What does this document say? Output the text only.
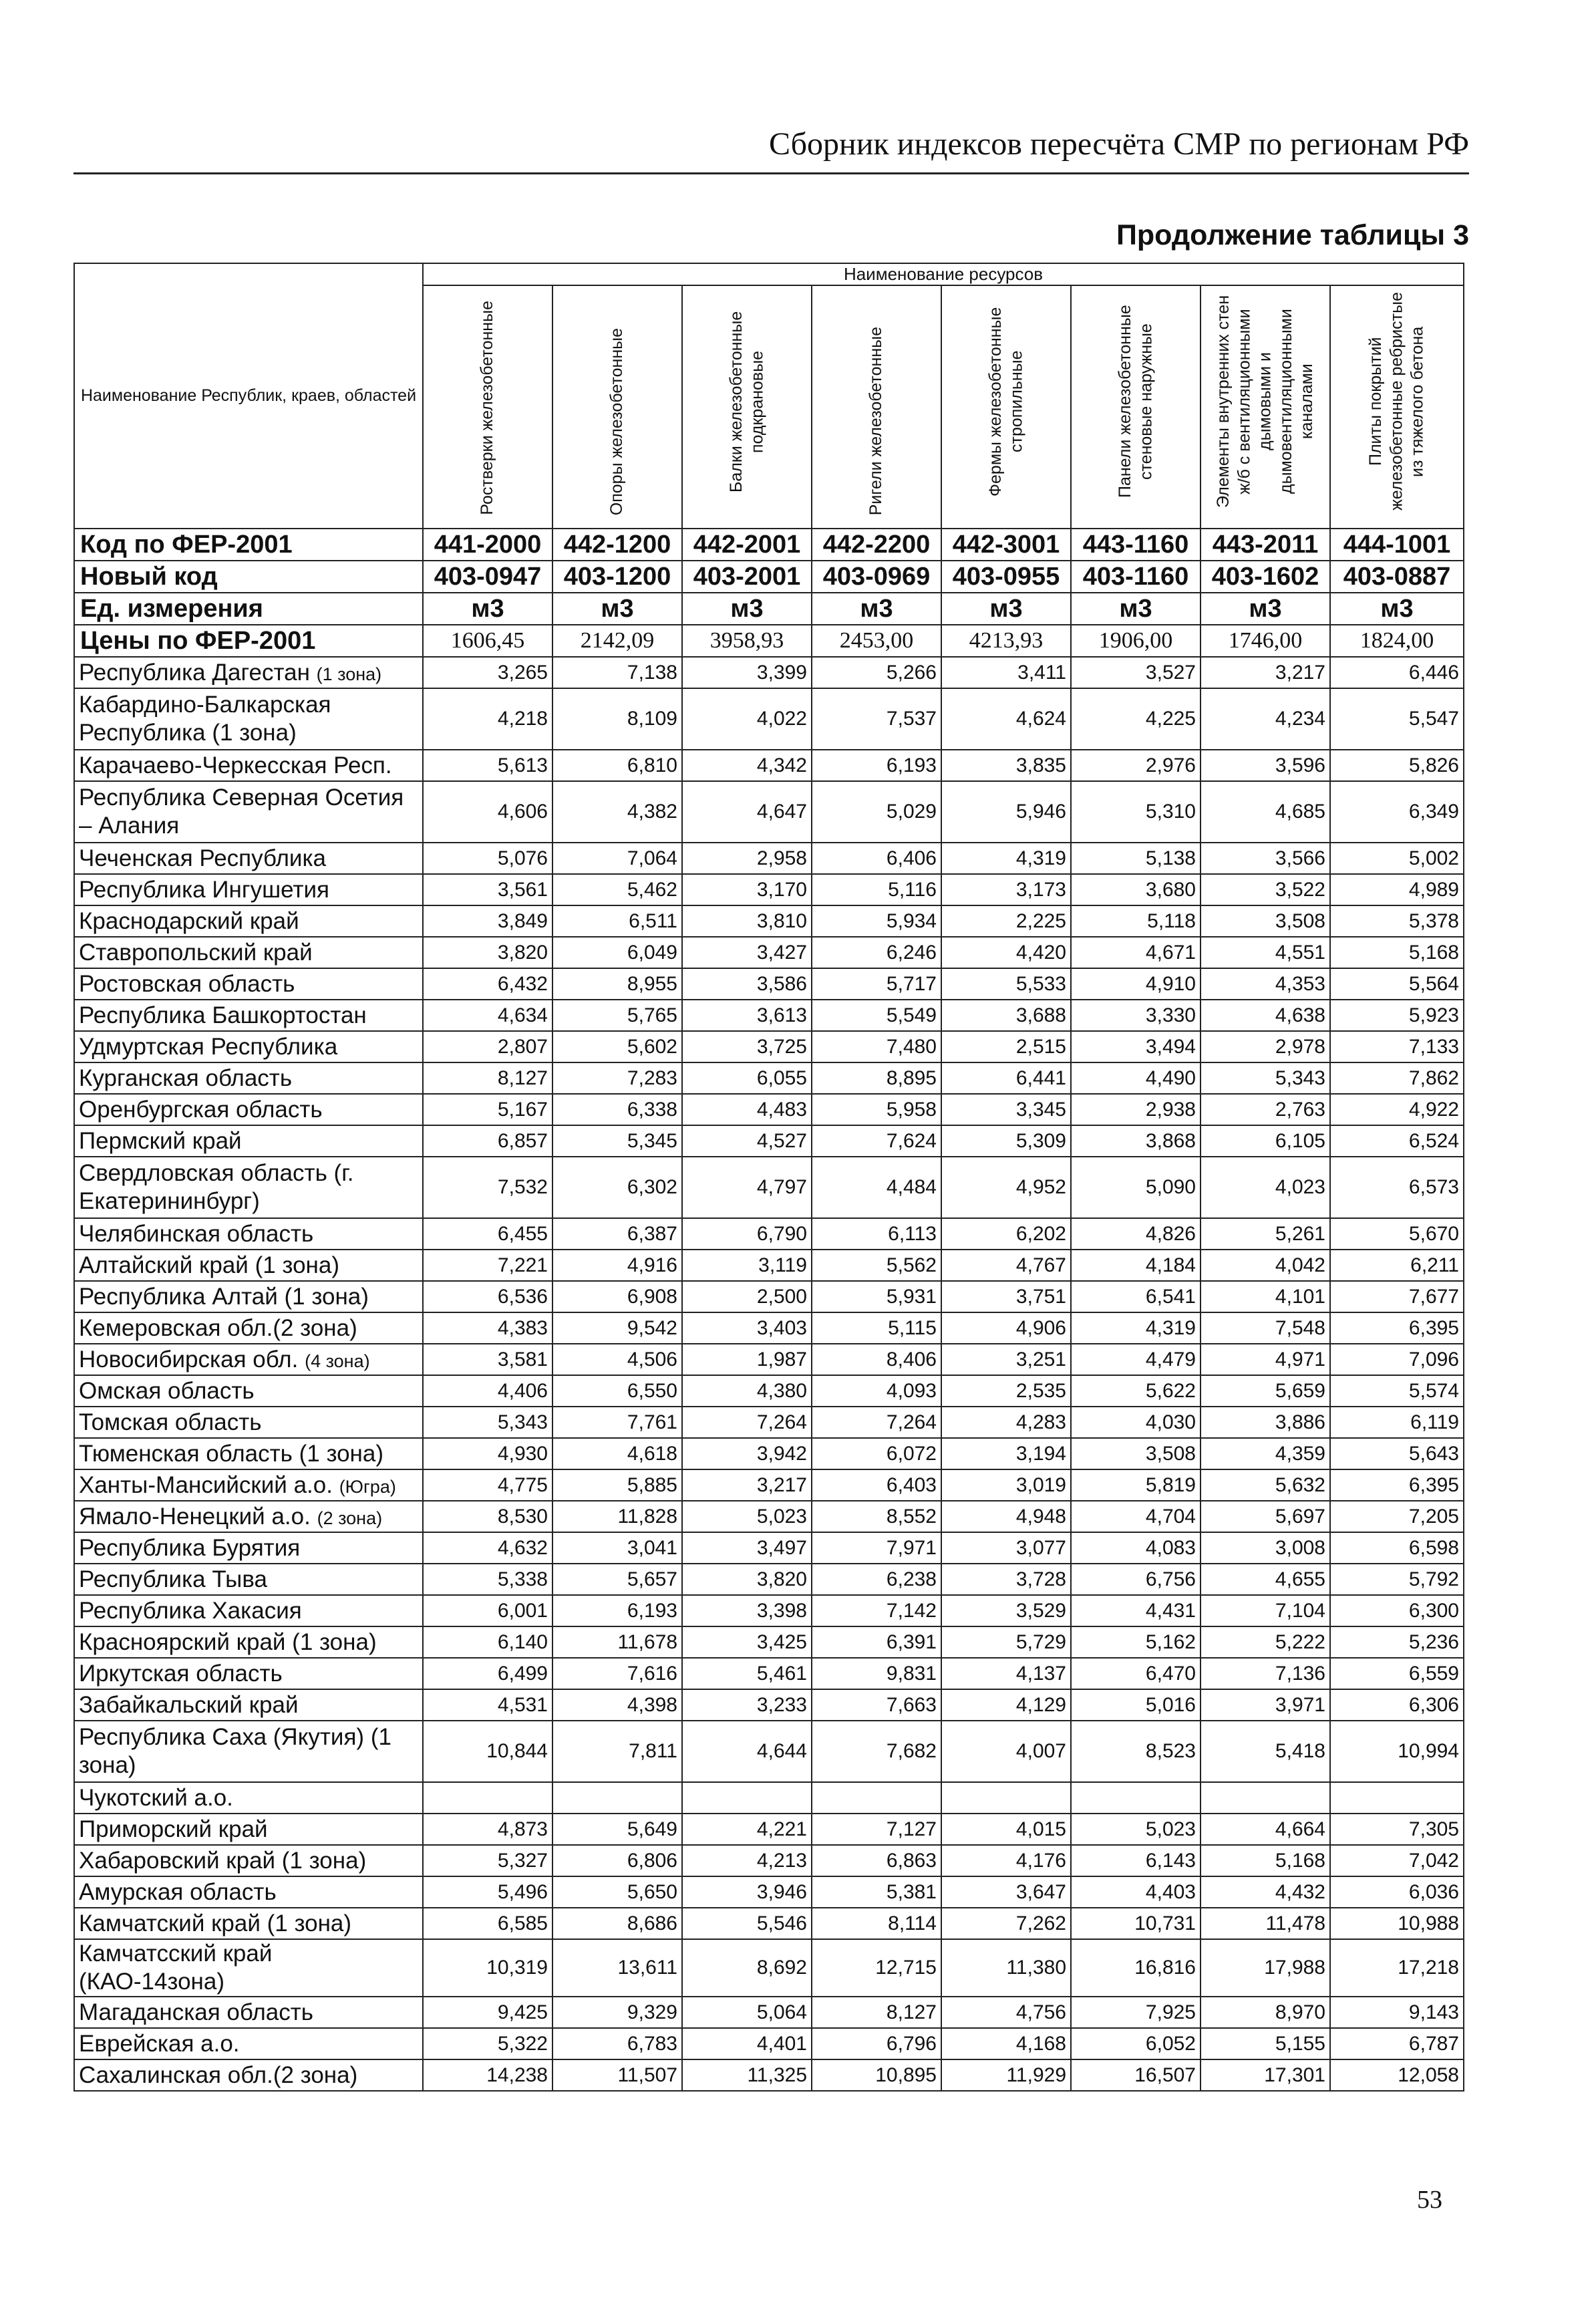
Сборник индексов пересчёта СМР по регионам РФ
Продолжение таблицы 3
Наименование Республик, краев, областей	Наименование ресурсов							
	Ростверки железобетонные	Опоры железобетонные	Балки железобетонные подкрановые	Ригели железобетонные	Фермы железобетонные стропильные	Панели железобетонные стеновые наружные	Элементы внутренних стен ж/б с вентиляционными дымовыми и дымовентиляционными каналами	Плиты покрытий железобетонные ребристые из тяжелого бетона
Код по ФЕР-2001	441-2000	442-1200	442-2001	442-2200	442-3001	443-1160	443-2011	444-1001
Новый код	403-0947	403-1200	403-2001	403-0969	403-0955	403-1160	403-1602	403-0887
Ед. измерения	м3	м3	м3	м3	м3	м3	м3	м3
Цены по ФЕР-2001	1606,45	2142,09	3958,93	2453,00	4213,93	1906,00	1746,00	1824,00
Республика Дагестан (1 зона)	3,265	7,138	3,399	5,266	3,411	3,527	3,217	6,446
Кабардино-Балкарская Республика (1 зона)	4,218	8,109	4,022	7,537	4,624	4,225	4,234	5,547
Карачаево-Черкесская Респ.	5,613	6,810	4,342	6,193	3,835	2,976	3,596	5,826
Республика Северная Осетия – Алания	4,606	4,382	4,647	5,029	5,946	5,310	4,685	6,349
Чеченская Республика	5,076	7,064	2,958	6,406	4,319	5,138	3,566	5,002
Республика Ингушетия	3,561	5,462	3,170	5,116	3,173	3,680	3,522	4,989
Краснодарский край	3,849	6,511	3,810	5,934	2,225	5,118	3,508	5,378
Ставропольский край	3,820	6,049	3,427	6,246	4,420	4,671	4,551	5,168
Ростовская область	6,432	8,955	3,586	5,717	5,533	4,910	4,353	5,564
Республика Башкортостан	4,634	5,765	3,613	5,549	3,688	3,330	4,638	5,923
Удмуртская Республика	2,807	5,602	3,725	7,480	2,515	3,494	2,978	7,133
Курганская область	8,127	7,283	6,055	8,895	6,441	4,490	5,343	7,862
Оренбургская область	5,167	6,338	4,483	5,958	3,345	2,938	2,763	4,922
Пермский край	6,857	5,345	4,527	7,624	5,309	3,868	6,105	6,524
Свердловская область (г. Екатерининбург)	7,532	6,302	4,797	4,484	4,952	5,090	4,023	6,573
Челябинская область	6,455	6,387	6,790	6,113	6,202	4,826	5,261	5,670
Алтайский край (1 зона)	7,221	4,916	3,119	5,562	4,767	4,184	4,042	6,211
Республика Алтай (1 зона)	6,536	6,908	2,500	5,931	3,751	6,541	4,101	7,677
Кемеровская обл.(2 зона)	4,383	9,542	3,403	5,115	4,906	4,319	7,548	6,395
Новосибирская обл. (4 зона)	3,581	4,506	1,987	8,406	3,251	4,479	4,971	7,096
Омская область	4,406	6,550	4,380	4,093	2,535	5,622	5,659	5,574
Томская область	5,343	7,761	7,264	7,264	4,283	4,030	3,886	6,119
Тюменская область (1 зона)	4,930	4,618	3,942	6,072	3,194	3,508	4,359	5,643
Ханты-Мансийский а.о. (Югра)	4,775	5,885	3,217	6,403	3,019	5,819	5,632	6,395
Ямало-Ненецкий а.о. (2 зона)	8,530	11,828	5,023	8,552	4,948	4,704	5,697	7,205
Республика Бурятия	4,632	3,041	3,497	7,971	3,077	4,083	3,008	6,598
Республика Тыва	5,338	5,657	3,820	6,238	3,728	6,756	4,655	5,792
Республика Хакасия	6,001	6,193	3,398	7,142	3,529	4,431	7,104	6,300
Красноярский край (1 зона)	6,140	11,678	3,425	6,391	5,729	5,162	5,222	5,236
Иркутская область	6,499	7,616	5,461	9,831	4,137	6,470	7,136	6,559
Забайкальский край	4,531	4,398	3,233	7,663	4,129	5,016	3,971	6,306
Республика Саха (Якутия) (1 зона)	10,844	7,811	4,644	7,682	4,007	8,523	5,418	10,994
Чукотский а.о.								
Приморский край	4,873	5,649	4,221	7,127	4,015	5,023	4,664	7,305
Хабаровский край (1 зона)	5,327	6,806	4,213	6,863	4,176	6,143	5,168	7,042
Амурская область	5,496	5,650	3,946	5,381	3,647	4,403	4,432	6,036
Камчатский край (1 зона)	6,585	8,686	5,546	8,114	7,262	10,731	11,478	10,988
Камчатсский край (КАО-14зона)	10,319	13,611	8,692	12,715	11,380	16,816	17,988	17,218
Магаданская область	9,425	9,329	5,064	8,127	4,756	7,925	8,970	9,143
Еврейская а.о.	5,322	6,783	4,401	6,796	4,168	6,052	5,155	6,787
Сахалинская обл.(2 зона)	14,238	11,507	11,325	10,895	11,929	16,507	17,301	12,058
53
